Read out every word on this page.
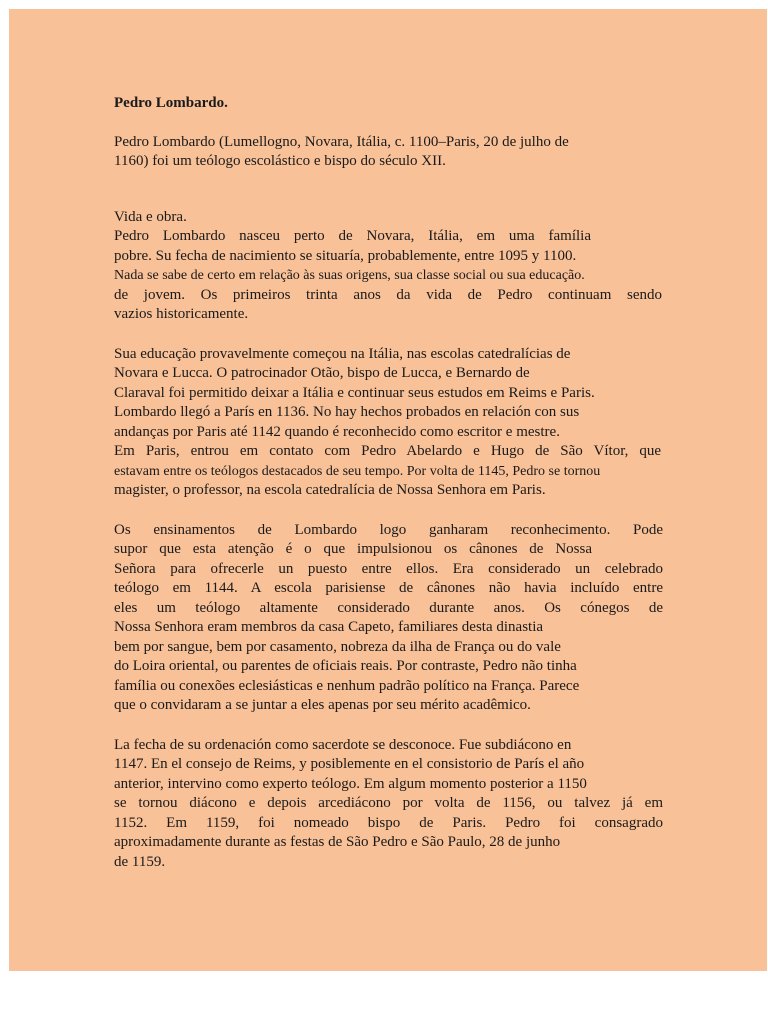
Pedro Lombardo.

Pedro Lombardo (Lumellogno, Novara, Itália, c. 1100–Paris, 20 de julho de
1160) foi um teólogo escolástico e bispo do século XII.
Vida e obra.
Pedro Lombardo nasceu perto de Novara, Itália, em uma família
pobre. Su fecha de nacimiento se situaría, probablemente, entre 1095 y 1100.
Nada se sabe de certo em relação às suas origens, sua classe social ou sua educação.
de jovem. Os primeiros trinta anos da vida de Pedro continuam sendo
vazios historicamente.
Sua educação provavelmente começou na Itália, nas escolas catedralícias de
Novara e Lucca. O patrocinador Otão, bispo de Lucca, e Bernardo de
Claraval foi permitido deixar a Itália e continuar seus estudos em Reims e Paris.
Lombardo llegó a París en 1136. No hay hechos probados en relación con sus
andanças por Paris até 1142 quando é reconhecido como escritor e mestre.
Em Paris, entrou em contato com Pedro Abelardo e Hugo de São Vítor, que
estavam entre os teólogos destacados de seu tempo. Por volta de 1145, Pedro se tornou
magister, o professor, na escola catedralícia de Nossa Senhora em Paris.
Os ensinamentos de Lombardo logo ganharam reconhecimento. Pode
supor que esta atenção é o que impulsionou os cânones de Nossa
Señora para ofrecerle un puesto entre ellos. Era considerado un celebrado
teólogo em 1144. A escola parisiense de cânones não havia incluído entre
eles um teólogo altamente considerado durante anos. Os cónegos de
Nossa Senhora eram membros da casa Capeto, familiares desta dinastia
bem por sangue, bem por casamento, nobreza da ilha de França ou do vale
do Loira oriental, ou parentes de oficiais reais. Por contraste, Pedro não tinha
família ou conexões eclesiásticas e nenhum padrão político na França. Parece
que o convidaram a se juntar a eles apenas por seu mérito acadêmico.
La fecha de su ordenación como sacerdote se desconoce. Fue subdiácono en
1147. En el consejo de Reims, y posiblemente en el consistorio de París el año
anterior, intervino como experto teólogo. Em algum momento posterior a 1150
se tornou diácono e depois arcediácono por volta de 1156, ou talvez já em
1152. Em 1159, foi nomeado bispo de Paris. Pedro foi consagrado
aproximadamente durante as festas de São Pedro e São Paulo, 28 de junho
de 1159.
